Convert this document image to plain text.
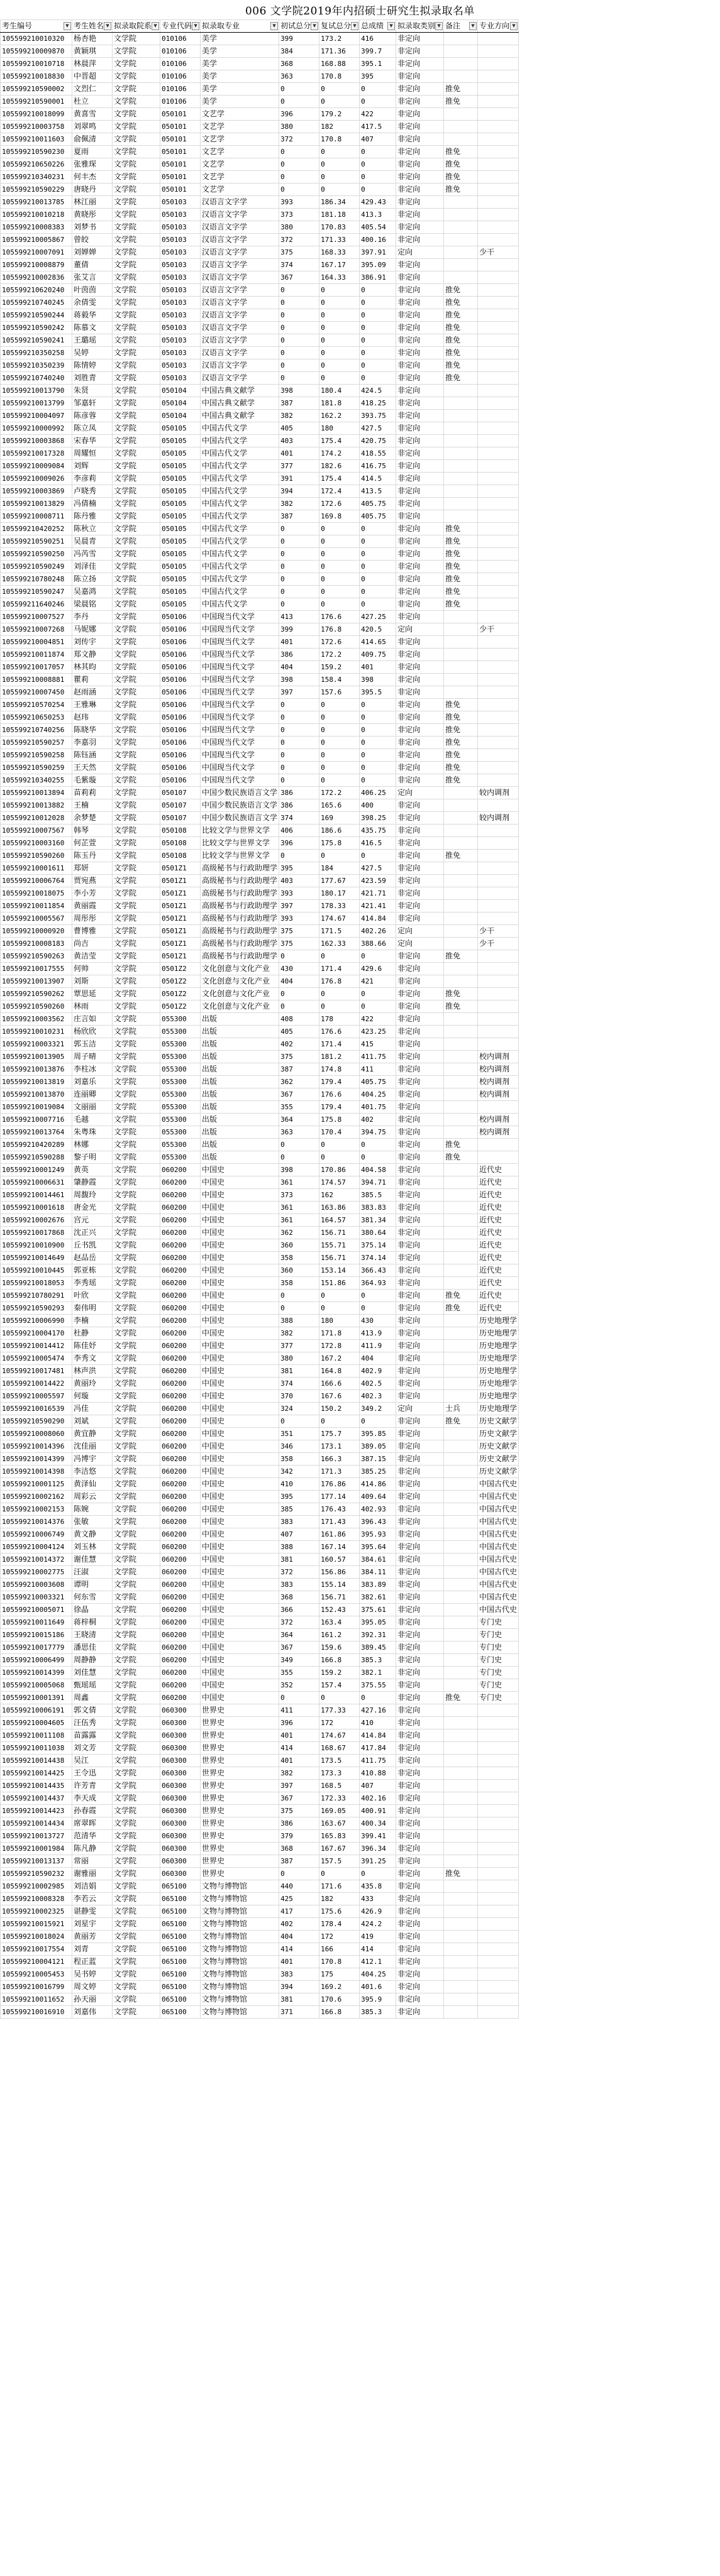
006 文学院2019年内招硕士研究生拟录取名单
考生编号 ▼	考生姓名 ▼	拟录取院系 ▼	专业代码 ▼	拟录取专业 ▼	初试总分 ▼	复试总分 ▼	总成绩 ▼	拟录取类别 ▼	备注 ▼	专业方向 ▼

105599210010320	杨杏艳	文学院	010106	美学	399	173.2	416	非定向		
105599210009870	黄颖琪	文学院	010106	美学	384	171.36	399.7	非定向		
105599210010718	林晨萍	文学院	010106	美学	368	168.88	395.1	非定向		
105599210018830	中晋超	文学院	010106	美学	363	170.8	395	非定向		
105599210590002	文烈仁	文学院	010106	美学	0	0	0	非定向	推免	
105599210590001	杜立	文学院	010106	美学	0	0	0	非定向	推免	
105599210018099	黄喜雪	文学院	050101	文艺学	396	179.2	422	非定向		
105599210003758	刘翠鸣	文学院	050101	文艺学	380	182	417.5	非定向		
105599210011603	俞佩清	文学院	050101	文艺学	372	170.8	407	非定向		
105599210590230	夏雨	文学院	050101	文艺学	0	0	0	非定向	推免	
105599210650226	张雅琛	文学院	050101	文艺学	0	0	0	非定向	推免	
105599210340231	何丰杰	文学院	050101	文艺学	0	0	0	非定向	推免	
105599210590229	唐晓丹	文学院	050101	文艺学	0	0	0	非定向	推免	
105599210013785	林江丽	文学院	050103	汉语言文字学	393	186.34	429.43	非定向		
105599210010218	黄晓彤	文学院	050103	汉语言文字学	373	181.18	413.3	非定向		
105599210008383	刘梦书	文学院	050103	汉语言文字学	380	170.83	405.54	非定向		
105599210005867	曾皎	文学院	050103	汉语言文字学	372	171.33	400.16	非定向		
105599210007091	刘婵婵	文学院	050103	汉语言文字学	375	168.33	397.91	定向		少干
105599210008879	董倩	文学院	050103	汉语言文字学	374	167.17	395.09	非定向		
105599210002836	张艾言	文学院	050103	汉语言文字学	367	164.33	386.91	非定向		
105599210620240	叶茵茵	文学院	050103	汉语言文字学	0	0	0	非定向	推免	
105599210740245	余倩雯	文学院	050103	汉语言文字学	0	0	0	非定向	推免	
105599210590244	蒋毅华	文学院	050103	汉语言文字学	0	0	0	非定向	推免	
105599210590242	陈慕文	文学院	050103	汉语言文字学	0	0	0	非定向	推免	
105599210590241	王璐瑶	文学院	050103	汉语言文字学	0	0	0	非定向	推免	
105599210350258	吴婷	文学院	050103	汉语言文字学	0	0	0	非定向	推免	
105599210350239	陈情婷	文学院	050103	汉语言文字学	0	0	0	非定向	推免	
105599210740240	刘胜青	文学院	050103	汉语言文字学	0	0	0	非定向	推免	
105599210013790	朱贤	文学院	050104	中国古典文献学	398	180.4	424.5	非定向		
105599210013799	邹嘉轩	文学院	050104	中国古典文献学	387	181.8	418.25	非定向		
105599210004097	陈彦蓉	文学院	050104	中国古典文献学	382	162.2	393.75	非定向		
105599210000992	陈立凤	文学院	050105	中国古代文学	405	180	427.5	非定向		
105599210003868	宋春华	文学院	050105	中国古代文学	403	175.4	420.75	非定向		
105599210017328	周耀恒	文学院	050105	中国古代文学	401	174.2	418.55	非定向		
105599210009084	刘辉	文学院	050105	中国古代文学	377	182.6	416.75	非定向		
105599210009026	李彦莉	文学院	050105	中国古代文学	391	175.4	414.5	非定向		
105599210003869	卢晓秀	文学院	050105	中国古代文学	394	172.4	413.5	非定向		
105599210013829	冯倩楠	文学院	050105	中国古代文学	382	172.6	405.75	非定向		
105599210008711	陈丹雅	文学院	050105	中国古代文学	387	169.8	405.75	非定向		
105599210420252	陈秋立	文学院	050105	中国古代文学	0	0	0	非定向	推免	
105599210590251	吴晨青	文学院	050105	中国古代文学	0	0	0	非定向	推免	
105599210590250	冯芮雪	文学院	050105	中国古代文学	0	0	0	非定向	推免	
105599210590249	刘泽佳	文学院	050105	中国古代文学	0	0	0	非定向	推免	
105599210780248	陈立扬	文学院	050105	中国古代文学	0	0	0	非定向	推免	
105599210590247	吴嘉鸿	文学院	050105	中国古代文学	0	0	0	非定向	推免	
105599211640246	梁晨铭	文学院	050105	中国古代文学	0	0	0	非定向	推免	
105599210007527	李丹	文学院	050106	中国现当代文学	413	176.6	427.25	非定向		
105599210007268	马妮娜	文学院	050106	中国现当代文学	399	176.8	420.5	定向		少干
105599210004851	刘传宇	文学院	050106	中国现当代文学	401	172.6	414.65	非定向		
105599210011874	郑文静	文学院	050106	中国现当代文学	386	172.2	409.75	非定向		
105599210017057	林其昀	文学院	050106	中国现当代文学	404	159.2	401	非定向		
105599210008881	瞿莉	文学院	050106	中国现当代文学	398	158.4	398	非定向		
105599210007450	赵雨涵	文学院	050106	中国现当代文学	397	157.6	395.5	非定向		
105599210570254	王雅琳	文学院	050106	中国现当代文学	0	0	0	非定向	推免	
105599210650253	赵玮	文学院	050106	中国现当代文学	0	0	0	非定向	推免	
105599210740256	陈晓华	文学院	050106	中国现当代文学	0	0	0	非定向	推免	
105599210590257	李嘉羽	文学院	050106	中国现当代文学	0	0	0	非定向	推免	
105599210590258	陈钰涵	文学院	050106	中国现当代文学	0	0	0	非定向	推免	
105599210590259	王天然	文学院	050106	中国现当代文学	0	0	0	非定向	推免	
105599210340255	毛紫璇	文学院	050106	中国现当代文学	0	0	0	非定向	推免	
105599210013894	苗莉莉	文学院	050107	中国少数民族语言文学	386	172.2	406.25	定向		较内调剂
105599210013882	王楠	文学院	050107	中国少数民族语言文学	386	165.6	400	非定向		
105599210012028	余梦楚	文学院	050107	中国少数民族语言文学	374	169	398.25	非定向		较内调剂
105599210007567	韩琴	文学院	050108	比较文学与世界文学	406	186.6	435.75	非定向		
105599210003160	何芷萱	文学院	050108	比较文学与世界文学	396	175.8	416.5	非定向		
105599210590260	陈玉丹	文学院	050108	比较文学与世界文学	0	0	0	非定向	推免	
105599210001611	郑妍	文学院	0501Z1	高级秘书与行政助理学	395	184	427.5	非定向		
105599210006764	贾宛燕	文学院	0501Z1	高级秘书与行政助理学	403	177.67	423.59	非定向		
105599210018075	李小芳	文学院	0501Z1	高级秘书与行政助理学	393	180.17	421.71	非定向		
105599210011854	黄丽霞	文学院	0501Z1	高级秘书与行政助理学	397	178.33	421.41	非定向		
105599210005567	周彤彤	文学院	0501Z1	高级秘书与行政助理学	393	174.67	414.84	非定向		
105599210000920	曹博雅	文学院	0501Z1	高级秘书与行政助理学	375	171.5	402.26	定向		少干
105599210008183	尚吉	文学院	0501Z1	高级秘书与行政助理学	375	162.33	388.66	定向		少干
105599210590263	黄洁莹	文学院	0501Z1	高级秘书与行政助理学	0	0	0	非定向	推免	
105599210017555	何帅	文学院	0501Z2	文化创意与文化产业	430	171.4	429.6	非定向		
105599210013907	刘斯	文学院	0501Z2	文化创意与文化产业	404	176.8	421	非定向		
105599210590262	覃思延	文学院	0501Z2	文化创意与文化产业	0	0	0	非定向	推免	
105599210590260	林雨	文学院	0501Z2	文化创意与文化产业	0	0	0	非定向	推免	
105599210003562	庄言如	文学院	055300	出版	408	178	422	非定向		
105599210010231	杨欣欣	文学院	055300	出版	405	176.6	423.25	非定向		
105599210003321	郭玉洁	文学院	055300	出版	402	171.4	415	非定向		
105599210013905	周子晴	文学院	055300	出版	375	181.2	411.75	非定向		校内调剂
105599210013876	李柱冰	文学院	055300	出版	387	174.8	411	非定向		校内调剂
105599210013819	刘嘉乐	文学院	055300	出版	362	179.4	405.75	非定向		校内调剂
105599210013870	连丽卿	文学院	055300	出版	367	176.6	404.25	非定向		校内调剂
105599210019084	文丽丽	文学院	055300	出版	355	179.4	401.75	非定向		
105599210007716	毛越	文学院	055300	出版	364	175.8	402	非定向		校内调剂
105599210013764	朱粤珠	文学院	055300	出版	363	170.4	394.75	非定向		校内调剂
105599210420289	林娜	文学院	055300	出版	0	0	0	非定向	推免	
105599210590288	黎子明	文学院	055300	出版	0	0	0	非定向	推免	
105599210001249	黄英	文学院	060200	中国史	398	170.86	404.58	非定向		近代史
105599210006631	肇静霞	文学院	060200	中国史	361	174.57	394.71	非定向		近代史
105599210014461	周馥玲	文学院	060200	中国史	373	162	385.5	非定向		近代史
105599210001618	唐金光	文学院	060200	中国史	361	163.86	383.83	非定向		近代史
105599210002676	宫元	文学院	060200	中国史	361	164.57	381.34	非定向		近代史
105599210017868	沈正兴	文学院	060200	中国史	362	156.71	380.64	非定向		近代史
105599210010900	丘书凯	文学院	060200	中国史	360	155.71	375.14	非定向		近代史
105599210014649	赵品岳	文学院	060200	中国史	358	156.71	374.14	非定向		近代史
105599210010445	郭亚栋	文学院	060200	中国史	360	153.14	366.43	非定向		近代史
105599210018053	李秀瑶	文学院	060200	中国史	358	151.86	364.93	非定向		近代史
105599210780291	叶欣	文学院	060200	中国史	0	0	0	非定向	推免	近代史
105599210590293	秦伟明	文学院	060200	中国史	0	0	0	非定向	推免	近代史
105599210006990	李楠	文学院	060200	中国史	388	180	430	非定向		历史地理学
105599210004170	杜静	文学院	060200	中国史	382	171.8	413.9	非定向		历史地理学
105599210014412	陈佳妤	文学院	060200	中国史	377	172.8	411.9	非定向		历史地理学
105599210005474	李秀文	文学院	060200	中国史	380	167.2	404	非定向		历史地理学
105599210017481	林声洪	文学院	060200	中国史	381	164.8	402.9	非定向		历史地理学
105599210014422	黄丽玲	文学院	060200	中国史	374	166.6	402.5	非定向		历史地理学
105599210005597	何璇	文学院	060200	中国史	370	167.6	402.3	非定向		历史地理学
105599210016539	冯佳	文学院	060200	中国史	324	150.2	349.2	定向	士兵	历史地理学
105599210590290	刘斌	文学院	060200	中国史	0	0	0	非定向	推免	历史文献学
105599210008060	黄宜静	文学院	060200	中国史	351	175.7	395.85	非定向		历史文献学
105599210014396	沈佳丽	文学院	060200	中国史	346	173.1	389.05	非定向		历史文献学
105599210014399	冯博宇	文学院	060200	中国史	358	166.3	387.15	非定向		历史文献学
105599210014398	李洁悠	文学院	060200	中国史	342	171.3	385.25	非定向		历史文献学
105599210001125	黄泽仙	文学院	060200	中国史	410	176.86	414.86	非定向		中国古代史
105599210002162	周彩云	文学院	060200	中国史	395	177.14	409.64	非定向		中国古代史
105599210002153	陈婉	文学院	060200	中国史	385	176.43	402.93	非定向		中国古代史
105599210014376	张敏	文学院	060200	中国史	383	171.43	396.43	非定向		中国古代史
105599210006749	黄文静	文学院	060200	中国史	407	161.86	395.93	非定向		中国古代史
105599210004124	刘玉林	文学院	060200	中国史	388	167.14	395.64	非定向		中国古代史
105599210014372	谢佳慧	文学院	060200	中国史	381	160.57	384.61	非定向		中国古代史
105599210002775	汪淑	文学院	060200	中国史	372	156.86	384.11	非定向		中国古代史
105599210003608	谭明	文学院	060200	中国史	383	155.14	383.89	非定向		中国古代史
105599210003321	何东雪	文学院	060200	中国史	368	156.71	382.61	非定向		中国古代史
105599210005071	徐晶	文学院	060200	中国史	366	152.43	375.61	非定向		中国古代史
105599210011649	蒋梓桐	文学院	060200	中国史	372	163.4	395.05	非定向		专门史
105599210015186	王晓清	文学院	060200	中国史	364	161.2	392.31	非定向		专门史
105599210017779	潘思佳	文学院	060200	中国史	367	159.6	389.45	非定向		专门史
105599210006499	周静静	文学院	060200	中国史	349	166.8	385.3	非定向		专门史
105599210014399	刘佳慧	文学院	060200	中国史	355	159.2	382.1	非定向		专门史
105599210005068	甄瑶瑶	文学院	060200	中国史	352	157.4	375.55	非定向		专门史
105599210001391	周鑫	文学院	060200	中国史	0	0	0	非定向	推免	专门史
105599210006191	郭文倩	文学院	060300	世界史	411	177.33	427.16	非定向		
105599210004605	汪伍秀	文学院	060300	世界史	396	172	410	非定向		
105599210011108	苗露露	文学院	060300	世界史	401	174.67	414.84	非定向		
105599210011038	刘文芳	文学院	060300	世界史	414	168.67	417.84	非定向		
105599210014438	吴江	文学院	060300	世界史	401	173.5	411.75	非定向		
105599210014425	王令迅	文学院	060300	世界史	382	173.3	410.88	非定向		
105599210014435	许芳青	文学院	060300	世界史	397	168.5	407	非定向		
105599210014437	李天成	文学院	060300	世界史	367	172.33	402.16	非定向		
105599210014423	孙春霞	文学院	060300	世界史	375	169.05	400.91	非定向		
105599210014434	席翠晖	文学院	060300	世界史	386	163.67	400.34	非定向		
105599210013727	范清华	文学院	060300	世界史	379	165.83	399.41	非定向		
105599210001984	陈凡静	文学院	060300	世界史	368	167.67	396.34	非定向		
105599210013137	常丽	文学院	060300	世界史	387	157.5	391.25	非定向		
105599210590232	谢雅丽	文学院	060300	世界史	0	0	0	非定向	推免	
105599210002985	刘洁娟	文学院	065100	文物与博物馆	440	171.6	435.8	非定向		
105599210008328	李若云	文学院	065100	文物与博物馆	425	182	433	非定向		
105599210002325	谌静雯	文学院	065100	文物与博物馆	417	175.6	426.9	非定向		
105599210015921	刘星宇	文学院	065100	文物与博物馆	402	178.4	424.2	非定向		
105599210018024	黄丽芳	文学院	065100	文物与博物馆	404	172	419	非定向		
105599210017554	刘青	文学院	065100	文物与博物馆	414	166	414	非定向		
105599210004121	程正蓝	文学院	065100	文物与博物馆	401	170.8	412.1	非定向		
105599210005453	吴书婷	文学院	065100	文物与博物馆	383	175	404.25	非定向		
105599210016799	周文婷	文学院	065100	文物与博物馆	394	169.2	401.6	非定向		
105599210011652	孙天丽	文学院	065100	文物与博物馆	381	170.6	395.9	非定向		
105599210016910	刘嘉伟	文学院	065100	文物与博物馆	371	166.8	385.3	非定向		
